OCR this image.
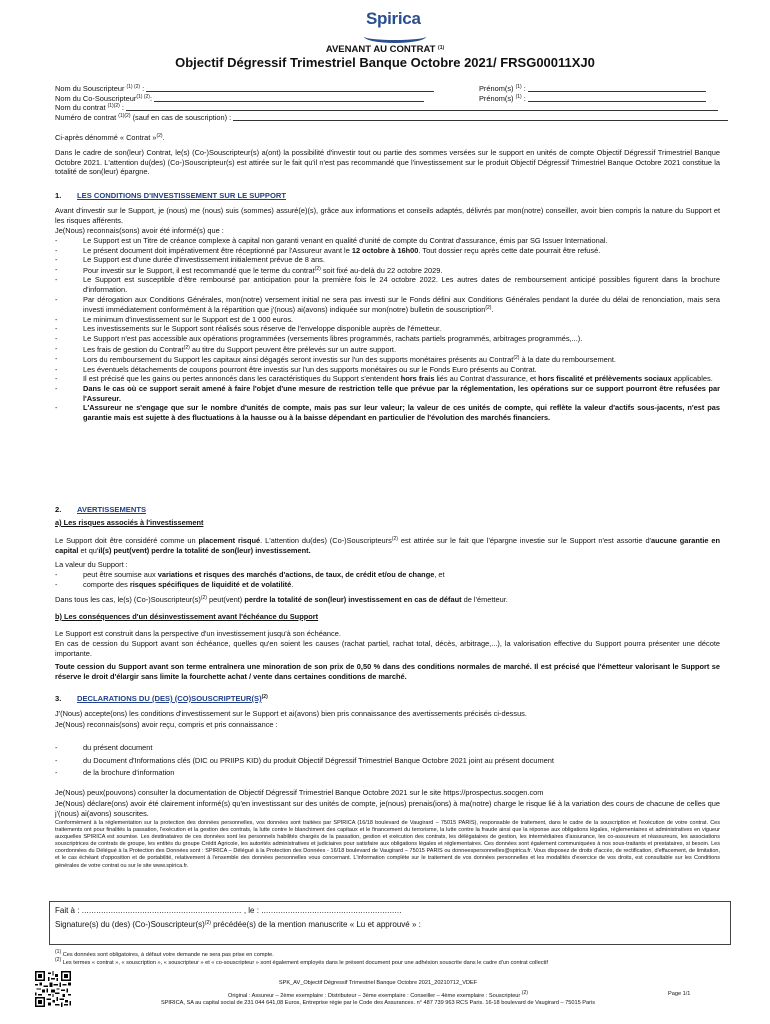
Spirica
AVENANT AU CONTRAT $^{(1)}$
Objectif Dégressif Trimestriel Banque Octobre 2021/ FRSG00011XJ0
Nom du Souscripteur $^{(1) (2)}$ :	Prénom(s) $^{(1)}$ :
Nom du Co-Souscripteur$^{(1) (2)}$:	Prénom(s) $^{(1)}$ :
Nom du contrat $^{(1)(2)}$ :
Numéro de contrat $^{(1)(2)}$ (sauf en cas de souscription) :
Ci-après dénommé « Contrat »$^{(2)}$.
Dans le cadre de son(leur) Contrat, le(s) (Co-)Souscripteur(s) a(ont) la possibilité d'investir tout ou partie des sommes versées sur le support en unités de compte Objectif Dégressif Trimestriel Banque Octobre 2021. L'attention du(des) (Co-)Souscripteur(s) est attirée sur le fait qu'il n'est pas recommandé que l'investissement sur le produit Objectif Dégressif Trimestriel Banque Octobre 2021 constitue la totalité de son(leur) épargne.
1. LES CONDITIONS D'INVESTISSEMENT SUR LE SUPPORT
Avant d'investir sur le Support, je (nous) me (nous) suis (sommes) assuré(e)(s), grâce aux informations et conseils adaptés, délivrés par mon(notre) conseiller, avoir bien compris la nature du Support et les risques afférents.
Je(Nous) reconnais(sons) avoir été informé(s) que :
- Le Support est un Titre de créance complexe à capital non garanti venant en qualité d'unité de compte du Contrat d'assurance, émis par SG Issuer International.
- Le présent document doit impérativement être réceptionné par l'Assureur avant le 12 octobre à 16h00. Tout dossier reçu après cette date pourrait être refusé.
- Le Support est d'une durée d'investissement initialement prévue de 8 ans.
- Pour investir sur le Support, il est recommandé que le terme du contrat$^{(2)}$ soit fixé au-delà du 22 octobre 2029.
- Le Support est susceptible d'être remboursé par anticipation pour la première fois le 24 octobre 2022. Les autres dates de remboursement anticipé possibles figurent dans la brochure d'information.
- Par dérogation aux Conditions Générales, mon(notre) versement initial ne sera pas investi sur le Fonds défini aux Conditions Générales pendant la durée du délai de renonciation, mais sera investi immédiatement conformément à la répartition que j'(nous) ai(avons) indiquée sur mon(notre) bulletin de souscription$^{(2)}$.
- Le minimum d'investissement sur le Support est de 1 000 euros.
- Les investissements sur le Support sont réalisés sous réserve de l'enveloppe disponible auprès de l'émetteur.
- Le Support n'est pas accessible aux opérations programmées (versements libres programmés, rachats partiels programmés, arbitrages programmés,...).
- Les frais de gestion du Contrat$^{(2)}$ au titre du Support peuvent être prélevés sur un autre support.
- Lors du remboursement du Support les capitaux ainsi dégagés seront investis sur l'un des supports monétaires présents au Contrat$^{(2)}$ à la date du remboursement.
- Les éventuels détachements de coupons pourront être investis sur l'un des supports monétaires ou sur le Fonds Euro présents au Contrat.
- Il est précisé que les gains ou pertes annoncés dans les caractéristiques du Support s'entendent hors frais liés au Contrat d'assurance, et hors fiscalité et prélèvements sociaux applicables.
- Dans le cas où ce support serait amené à faire l'objet d'une mesure de restriction telle que prévue par la réglementation, les opérations sur ce support pourront être refusées par l'Assureur.
- L'Assureur ne s'engage que sur le nombre d'unités de compte, mais pas sur leur valeur; la valeur de ces unités de compte, qui reflète la valeur d'actifs sous-jacents, n'est pas garantie mais est sujette à des fluctuations à la hausse ou à la baisse dépendant en particulier de l'évolution des marchés financiers.
2. AVERTISSEMENTS
a) Les risques associés à l'investissement
Le Support doit être considéré comme un placement risqué. L'attention du(des) (Co-)Souscripteurs$^{(2)}$ est attirée sur le fait que l'épargne investie sur le Support n'est assortie d'aucune garantie en capital et qu'il(s) peut(vent) perdre la totalité de son(leur) investissement.
La valeur du Support :
- peut être soumise aux variations et risques des marchés d'actions, de taux, de crédit et/ou de change, et
- comporte des risques spécifiques de liquidité et de volatilité.
Dans tous les cas, le(s) $(Co-)Souscripteur(s)^{(2)}$ peut(vent) perdre la totalité de son(leur) investissement en cas de défaut de l'émetteur.
b) Les conséquences d'un désinvestissement avant l'échéance du Support
Le Support est construit dans la perspective d'un investissement jusqu'à son échéance.
En cas de cession du Support avant son échéance, quelles qu'en soient les causes (rachat partiel, rachat total, décès, arbitrage,...), la valorisation effective du Support pourra présenter une décote importante.
Toute cession du Support avant son terme entraînera une minoration de son prix de 0,50 % dans des conditions normales de marché. Il est précisé que l'émetteur valorisant le Support se réserve le droit d'élargir sans limite la fourchette achat / vente dans certaines conditions de marché.
3. DECLARATIONS DU (DES) $(CO)SOUSCRIPTEUR(S)^{(2)}$
J'(Nous) accepte(ons) les conditions d'investissement sur le Support et ai(avons) bien pris connaissance des avertissements précisés ci-dessus.
Je(Nous) reconnais(sons) avoir reçu, compris et pris connaissance :
- du présent document
- du Document d'Informations clés (DIC ou PRIIPS KID) du produit Objectif Dégressif Trimestriel Banque Octobre 2021 joint au présent document
- de la brochure d'information
Je(Nous) peux(pouvons) consulter la documentation de Objectif Dégressif Trimestriel Banque Octobre 2021 sur le site https://prospectus.socgen.com
Je(Nous) déclare(ons) avoir été clairement informé(s) qu'en investissant sur des unités de compte, je(nous) prenais(ions) à ma(notre) charge le risque lié à la variation des cours de chacune de celles que j'(nous) ai(avons) souscrites.
Conformément à la réglementation sur la protection des données personnelles, vos données sont traitées par SPIRICA (16/18 boulevard de Vaugirard – 75015 PARIS), responsable de traitement, dans le cadre de la souscription et l'exécution de votre contrat. Ces traitements ont pour finalités la passation, l'exécution et la gestion des contrats, la lutte contre le blanchiment des capitaux et le financement du terrorisme, la lutte contre la fraude ainsi que la réponse aux obligations légales, réglementaires et administratives en vigueur auxquelles SPIRICA est soumise. Les destinataires de ces données sont les personnels habilités chargés de la passation, gestion et exécution des contrats, les délégataires de gestion, les intermédiaires d'assurance, les co-assureurs et réassureurs, les associations souscriptrices de contrats de groupe, les entités du groupe Crédit Agricole, les autorités administratives et judiciaires pour satisfaire aux obligations légales et réglementaires. Ces données sont également communiquées à nos sous-traitants et prestataires, si besoin. Les coordonnées du Délégué à la Protection des Données sont : SPIRICA – Délégué à la Protection des Données - 16/18 boulevard de Vaugirard – 75015 PARIS ou donneespersonnelles@spirica.fr. Vous disposez de droits d'accès, de rectification, d'effacement, de limitation, et le cas échéant d'opposition et de portabilité, relativement à l'ensemble des données personnelles vous concernant. L'information complète sur le traitement de vos données personnelles et les modalités d'exercice de vos droits, est consultable sur les Conditions générales de votre contrat ou sur le site www.spirica.fr.
Fait à : .................................................................. , le : ..........................................................
Signature(s) du (des) $(Co-)Souscripteur(s)^{(2)}$ précédée(s) de la mention manuscrite « Lu et approuvé » :
(1) Ces données sont obligatoires, à défaut votre demande ne sera pas prise en compte.
(2) Les termes « contrat », « souscription », « souscripteur » et « co-souscripteur » sont également employés dans le présent document pour une adhésion souscrite dans le cadre d'un contrat collectif
SPK_AV_Objectif Dégressif Trimestriel Banque Octobre 2021_20210712_VDEF
Original : Assureur – 2ème exemplaire : Distributeur – 3ème exemplaire : Conseiller – 4ème exemplaire : Souscripteur (2)
SPIRICA, SA au capital social de 231 044 641,08 Euros, Entreprise régie par le Code des Assurances. n° 487 739 963 RCS Paris. 16-18 boulevard de Vaugirard – 75015 Paris
Page 1/1
